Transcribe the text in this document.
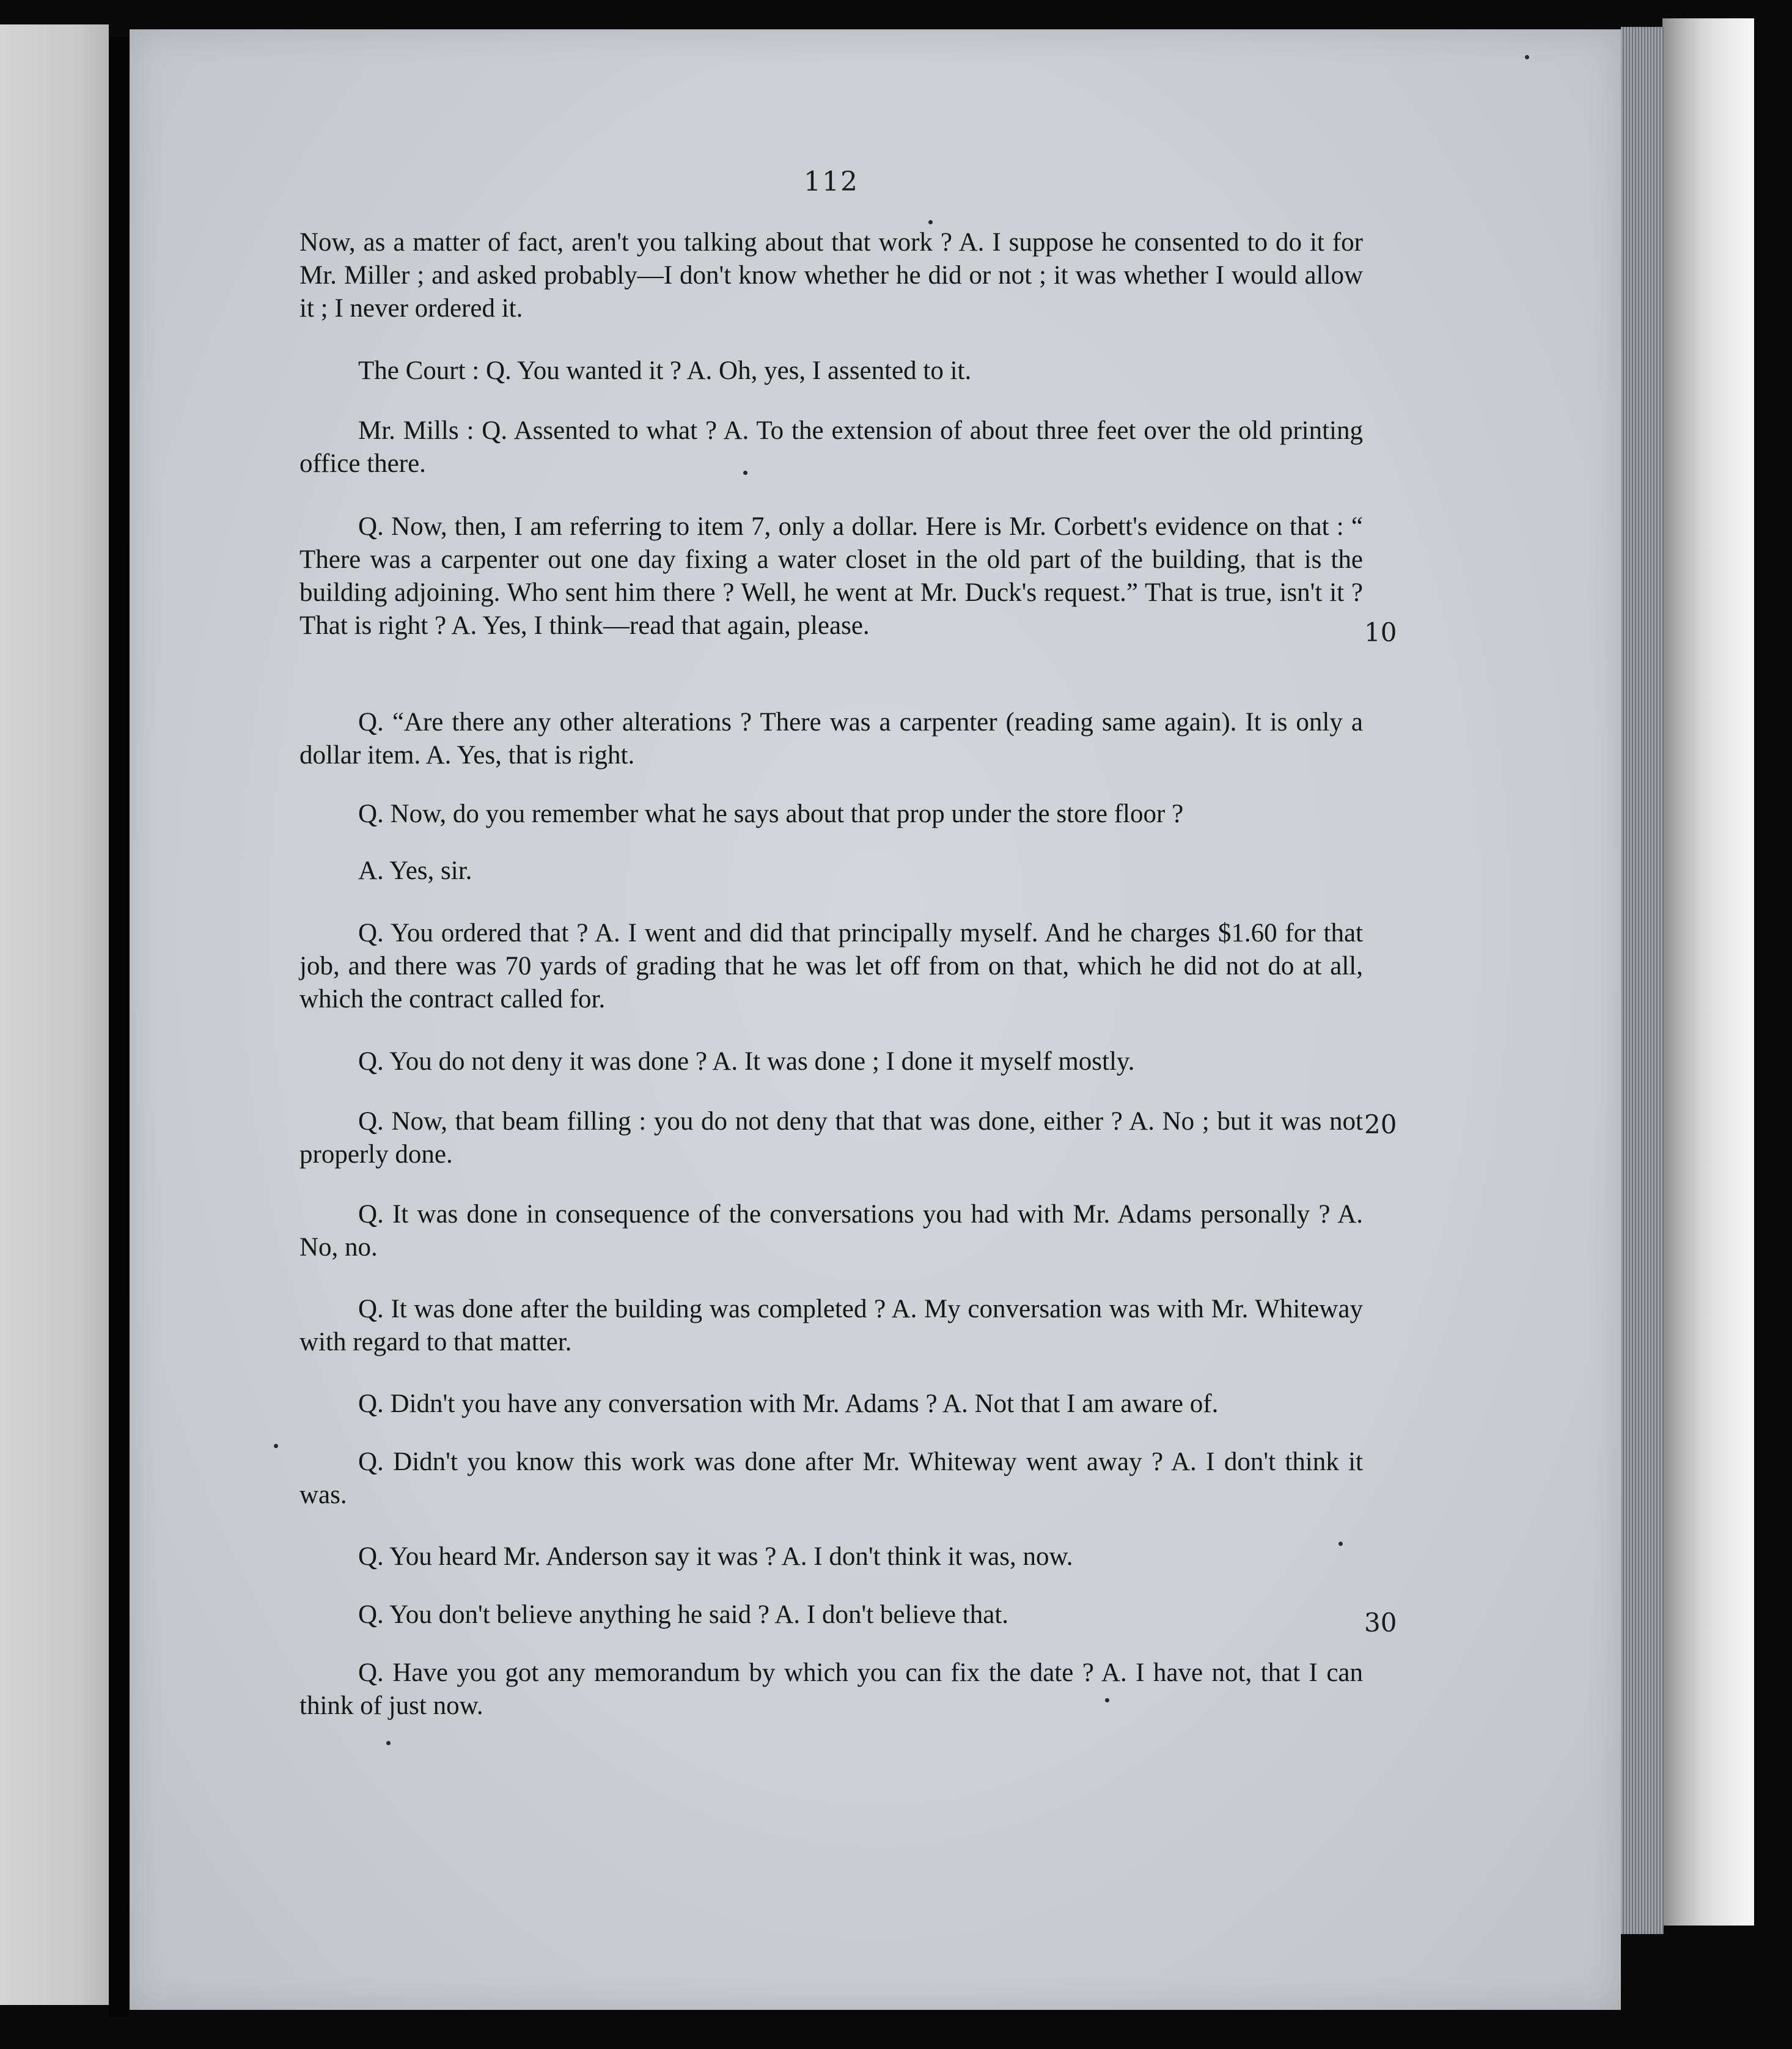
112

Now, as a matter of fact, aren't you talking about that work ? A. I suppose he consented to do it for Mr. Miller ; and asked probably—I don't know whether he did or not ; it was whether I would allow it ; I never ordered it.

The Court : Q. You wanted it ? A. Oh, yes, I assented to it.

Mr. Mills : Q. Assented to what ? A. To the extension of about three feet over the old printing office there.

Q. Now, then, I am referring to item 7, only a dollar. Here is Mr. Corbett's evidence on that : “ There was a carpenter out one day fixing a water closet in the old part of the building, that is the building adjoining. Who sent him there ? Well, he went at Mr. Duck's request.” That is true, isn't it ? That is right ? A. Yes, I think—read that again, please.

Q. “Are there any other alterations ? There was a carpenter (reading same again). It is only a dollar item. A. Yes, that is right.

Q. Now, do you remember what he says about that prop under the store floor ?

A. Yes, sir.

Q. You ordered that ? A. I went and did that principally myself. And he charges $1.60 for that job, and there was 70 yards of grading that he was let off from on that, which he did not do at all, which the contract called for.

Q. You do not deny it was done ? A. It was done ; I done it myself mostly.

Q. Now, that beam filling : you do not deny that that was done, either ? A. No ; but it was not properly done.

Q. It was done in consequence of the conversations you had with Mr. Adams personally ? A. No, no.

Q. It was done after the building was completed ? A. My conversation was with Mr. Whiteway with regard to that matter.

Q. Didn't you have any conversation with Mr. Adams ? A. Not that I am aware of.

Q. Didn't you know this work was done after Mr. Whiteway went away ? A. I don't think it was.

Q. You heard Mr. Anderson say it was ? A. I don't think it was, now.

Q. You don't believe anything he said ? A. I don't believe that.

Q. Have you got any memorandum by which you can fix the date ? A. I have not, that I can think of just now.

10
20
30
